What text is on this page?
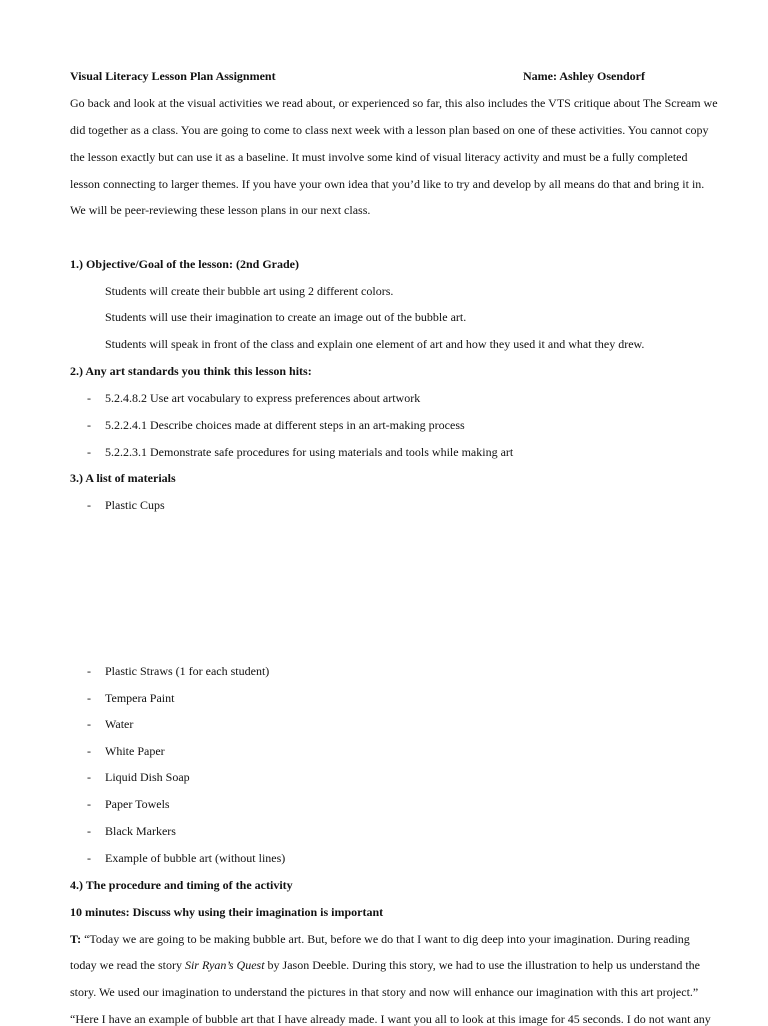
Visual Literacy Lesson Plan Assignment	Name: Ashley Osendorf
Go back and look at the visual activities we read about, or experienced so far, this also includes the VTS critique about The Scream we
did together as a class. You are going to come to class next week with a lesson plan based on one of these activities. You cannot copy
the lesson exactly but can use it as a baseline. It must involve some kind of visual literacy activity and must be a fully completed
lesson connecting to larger themes. If you have your own idea that you’d like to try and develop by all means do that and bring it in.
We will be peer-reviewing these lesson plans in our next class.
1.) Objective/Goal of the lesson: (2nd Grade)
Students will create their bubble art using 2 different colors.
Students will use their imagination to create an image out of the bubble art.
Students will speak in front of the class and explain one element of art and how they used it and what they drew.
2.) Any art standards you think this lesson hits:
- 5.2.4.8.2 Use art vocabulary to express preferences about artwork
- 5.2.2.4.1 Describe choices made at different steps in an art-making process
- 5.2.2.3.1 Demonstrate safe procedures for using materials and tools while making art
3.) A list of materials
- Plastic Cups
- Plastic Straws (1 for each student)
- Tempera Paint
- Water
- White Paper
- Liquid Dish Soap
- Paper Towels
- Black Markers
- Example of bubble art (without lines)
4.) The procedure and timing of the activity
10 minutes: Discuss why using their imagination is important
T: “Today we are going to be making bubble art. But, before we do that I want to dig deep into your imagination. During reading
today we read the story Sir Ryan’s Quest by Jason Deeble. During this story, we had to use the illustration to help us understand the
story. We used our imagination to understand the pictures in that story and now will enhance our imagination with this art project.”
“Here I have an example of bubble art that I have already made. I want you all to look at this image for 45 seconds. I do not want any
